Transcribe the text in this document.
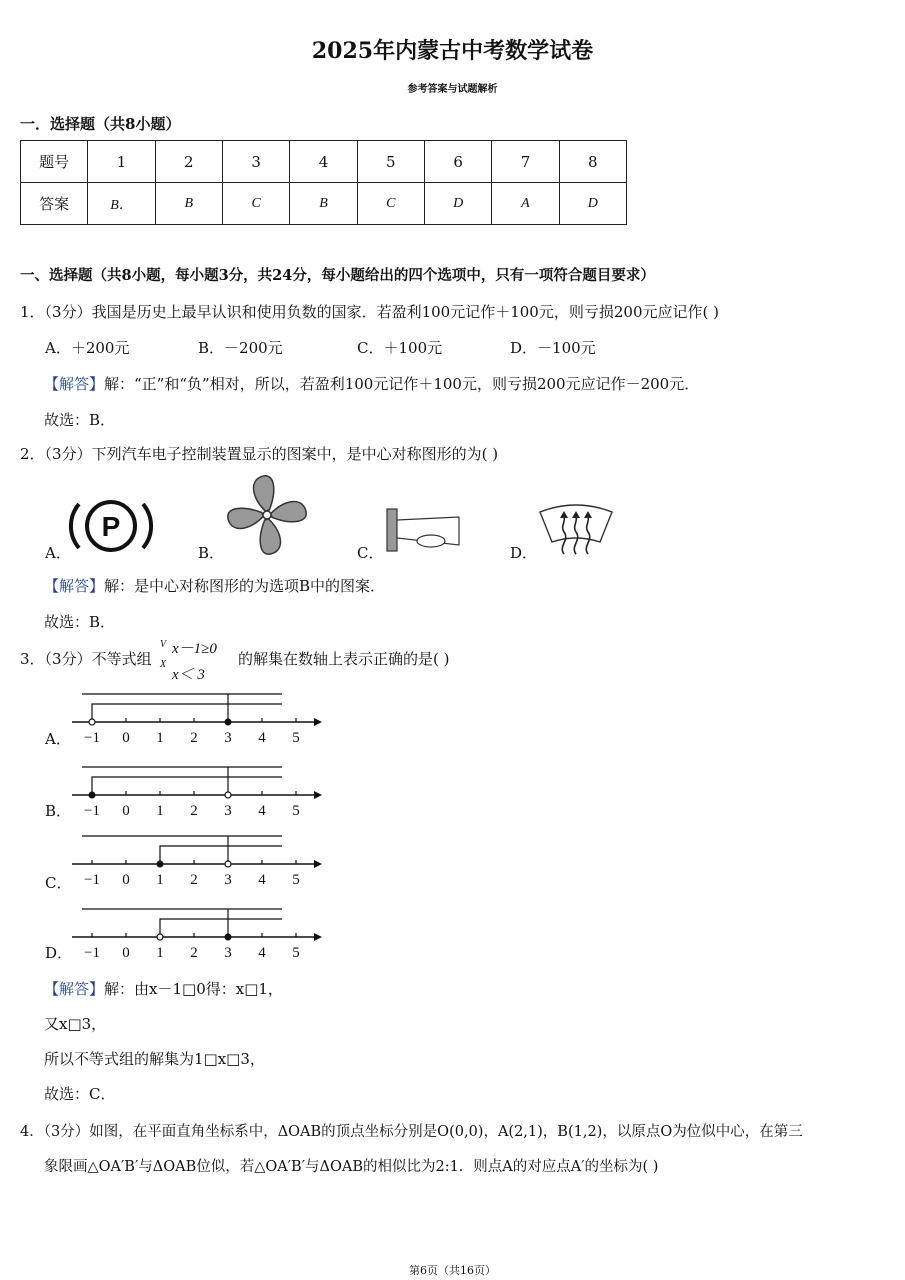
2025年内蒙古中考数学试卷
参考答案与试题解析
一．选择题（共8小题）
题号	1	2	3	4	5	6	7	8
答案	B．	B	C	B	C	D	A	D
一、选择题（共8小题，每小题3分，共24分，每小题给出的四个选项中，只有一项符合题目要求）
1．（3分）我国是历史上最早认识和使用负数的国家．若盈利100元记作＋100元，则亏损200元应记作( )
A．＋200元	B．－200元	C．＋100元	D．－100元
【解答】解：“正”和“负”相对，所以，若盈利100元记作＋100元，则亏损200元应记作－200元．
故选：B．
2．（3分）下列汽车电子控制装置显示的图案中，是中心对称图形的为( )
A．
P
B．	C．	D．
【解答】解：是中心对称图形的为选项B中的图案．
故选：B．
3．（3分）不等式组
V
X
x－1≥0
x＜ 3
的解集在数轴上表示正确的是( )
A． −1 0 1 2 3 4 5
B． −1 0 1 2 3 4 5
C． −1 0 1 2 3 4 5
D． −1 0 1 2 3 4 5
【解答】解：由x－1□0得：x□1，
又x□3，
所以不等式组的解集为1□x□3，
故选：C．
4．（3分）如图，在平面直角坐标系中，ΔOAB的顶点坐标分别是O(0,0)，A(2,1)，B(1,2)，以原点O为位似中心，在第三
象限画△OA′B′与ΔOAB位似，若△OA′B′与ΔOAB的相似比为2:1．则点A的对应点A′的坐标为( )
第6页（共16页）
